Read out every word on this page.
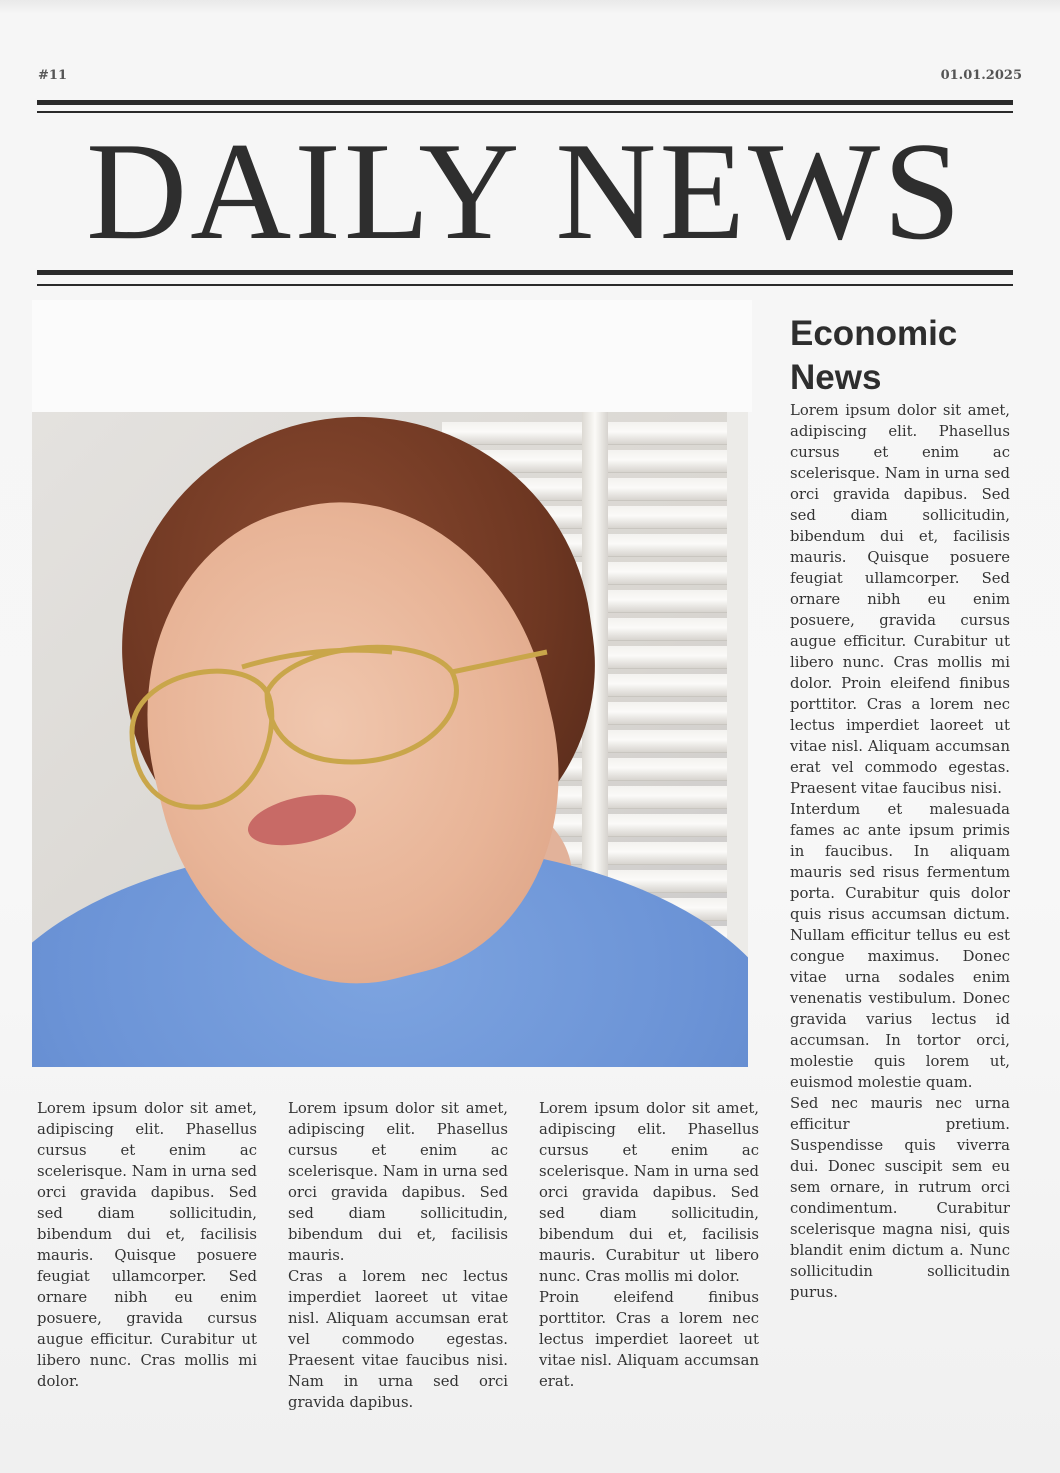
#11	01.01.2025
DAILY NEWS
Economic News

Lorem ipsum dolor sit amet, adipiscing elit. Phasellus cursus et enim ac scelerisque. Nam in urna sed orci gravida dapibus. Sed sed diam sollicitudin, bibendum dui et, facilisis mauris. Quisque posuere feugiat ullamcorper. Sed ornare nibh eu enim posuere, gravida cursus augue efficitur. Curabitur ut libero nunc. Cras mollis mi dolor. Proin eleifend finibus porttitor. Cras a lorem nec lectus imperdiet laoreet ut vitae nisl. Aliquam accumsan erat vel commodo egestas. Praesent vitae faucibus nisi.

Interdum et malesuada fames ac ante ipsum primis in faucibus. In aliquam mauris sed risus fermentum porta. Curabitur quis dolor quis risus accumsan dictum. Nullam efficitur tellus eu est congue maximus. Donec vitae urna sodales enim venenatis vestibulum. Donec gravida varius lectus id accumsan. In tortor orci, molestie quis lorem ut, euismod molestie quam.

Sed nec mauris nec urna efficitur pretium. Suspendisse quis viverra dui. Donec suscipit sem eu sem ornare, in rutrum orci condimentum. Curabitur scelerisque magna nisi, quis blandit enim dictum a. Nunc sollicitudin sollicitudin purus.

Lorem ipsum dolor sit amet, adipiscing elit. Phasellus cursus et enim ac scelerisque. Nam in urna sed orci gravida dapibus. Sed sed diam sollicitudin, bibendum dui et, facilisis mauris. Quisque posuere feugiat ullamcorper. Sed ornare nibh eu enim posuere, gravida cursus augue efficitur. Curabitur ut libero nunc. Cras mollis mi dolor.

Lorem ipsum dolor sit amet, adipiscing elit. Phasellus cursus et enim ac scelerisque. Nam in urna sed orci gravida dapibus. Sed sed diam sollicitudin, bibendum dui et, facilisis mauris.

Cras a lorem nec lectus imperdiet laoreet ut vitae nisl. Aliquam accumsan erat vel commodo egestas. Praesent vitae faucibus nisi. Nam in urna sed orci gravida dapibus.

Lorem ipsum dolor sit amet, adipiscing elit. Phasellus cursus et enim ac scelerisque. Nam in urna sed orci gravida dapibus. Sed sed diam sollicitudin, bibendum dui et, facilisis mauris. Curabitur ut libero nunc. Cras mollis mi dolor.

Proin eleifend finibus porttitor. Cras a lorem nec lectus imperdiet laoreet ut vitae nisl. Aliquam accumsan erat.
